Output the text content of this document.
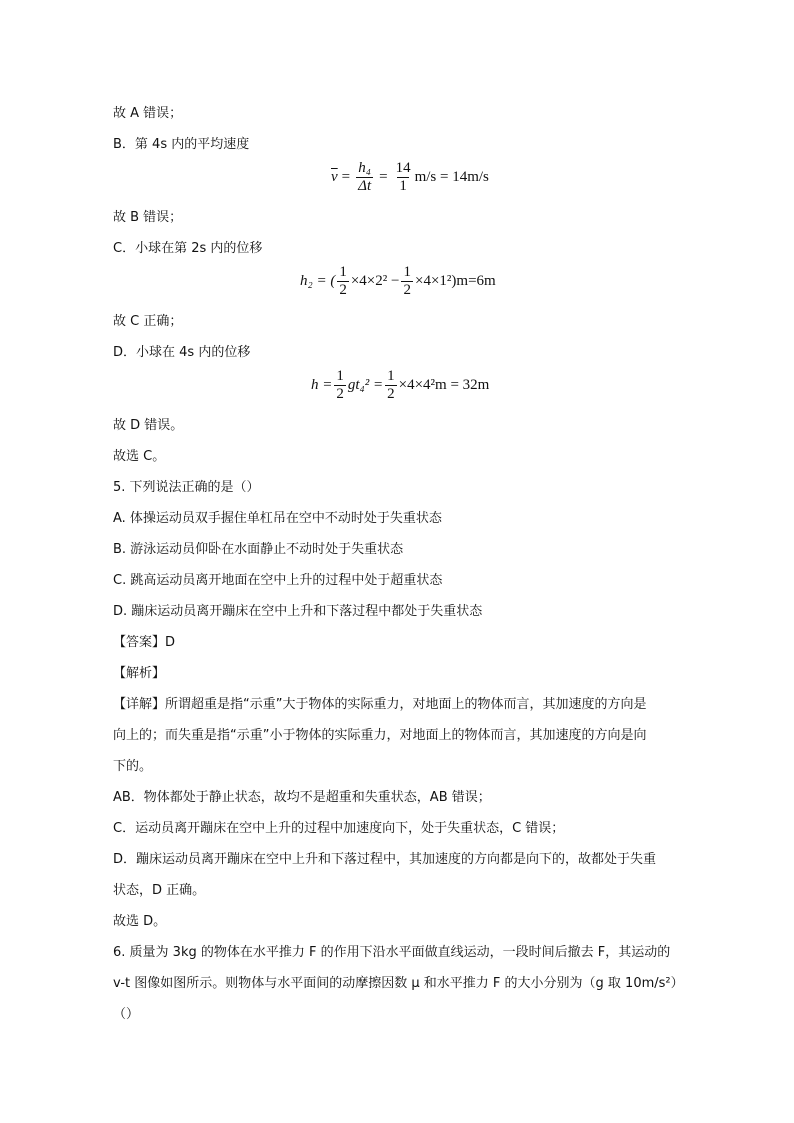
故 A 错误；
B．第 4s 内的平均速度
$\overline{v} = \frac{\text{h₄}}{\Delta t} = \frac{14}{1} m/s = 14m/s$
故 B 错误；
C．小球在第 2s 内的位移
h₂ = ( $\frac{1}{2} \times 4\times 2^2 - \frac{1}{2} \times 4\times 1^2)m=6m$
故 C 正确；
D．小球在 4s 内的位移
$h = \frac{1}{2} gt_4^2 = \frac{1}{2} \times 4\times 4^2m = 32m$
故 D 错误。
故选 C。
5. 下列说法正确的是（）
A. 体操运动员双手握住单杠吊在空中不动时处于失重状态
B. 游泳运动员仰卧在水面静止不动时处于失重状态
C. 跳高运动员离开地面在空中上升的过程中处于超重状态
D. 蹦床运动员离开蹦床在空中上升和下落过程中都处于失重状态
【答案】D
【解析】
【详解】所谓超重是指“示重”大于物体的实际重力，对地面上的物体而言，其加速度的方向是
向上的；而失重是指“示重”小于物体的实际重力，对地面上的物体而言，其加速度的方向是向
下的。
AB．物体都处于静止状态，故均不是超重和失重状态，AB 错误；
C．运动员离开蹦床在空中上升的过程中加速度向下，处于失重状态，C 错误；
D．蹦床运动员离开蹦床在空中上升和下落过程中，其加速度的方向都是向下的，故都处于失重
状态，D 正确。
故选 D。
6. 质量为 3kg 的物体在水平推力 F 的作用下沿水平面做直线运动，一段时间后撤去 F，其运动的
v-t 图像如图所示。则物体与水平面间的动摩擦因数 μ 和水平推力 F 的大小分别为（g 取 10m/s²）
（）
